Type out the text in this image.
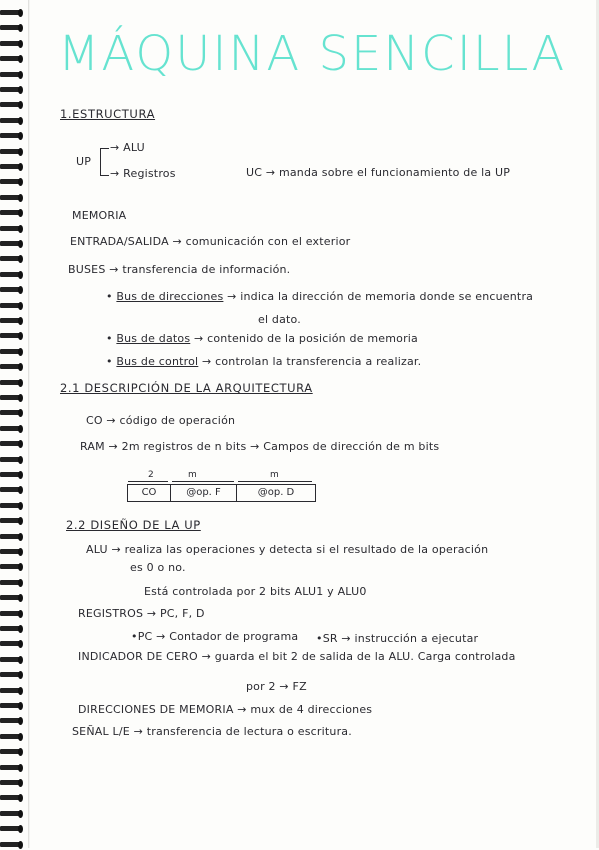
MÁQUINA SENCILLA
1.ESTRUCTURA
UP
→ ALU
→ Registros	UC → manda sobre el funcionamiento de la UP
MEMORIA
ENTRADA/SALIDA → comunicación con el exterior
BUSES → transferencia de información.
• Bus de direcciones → indica la dirección de memoria donde se encuentra
el dato.
• Bus de datos → contenido de la posición de memoria
• Bus de control → controlan la transferencia a realizar.
2.1 DESCRIPCIÓN DE LA ARQUITECTURA
CO → código de operación
RAM → 2m registros de n bits → Campos de dirección de m bits
2	m	m
CO	@op. F	@op. D
2.2 DISEÑO DE LA UP
ALU → realiza las operaciones y detecta si el resultado de la operación
es 0 o no.
Está controlada por 2 bits ALU1 y ALU0
REGISTROS → PC, F, D
•PC → Contador de programa •SR → instrucción a ejecutar
INDICADOR DE CERO → guarda el bit 2 de salida de la ALU. Carga controlada
por 2 → FZ
DIRECCIONES DE MEMORIA → mux de 4 direcciones
SEÑAL L/E → transferencia de lectura o escritura.
